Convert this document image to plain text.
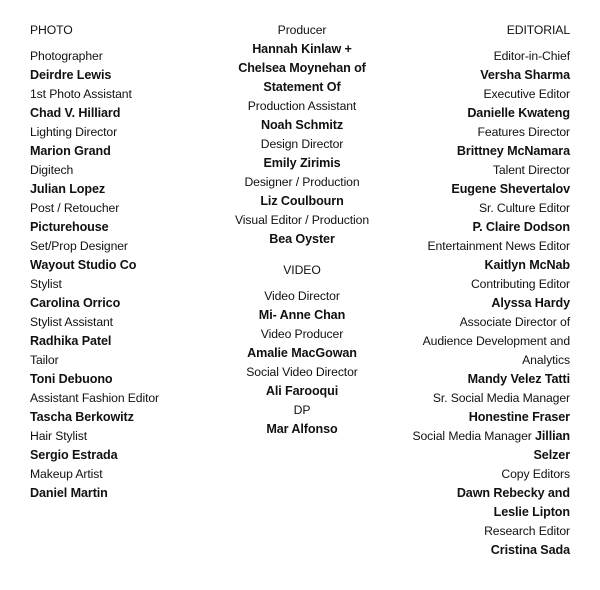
PHOTO
Photographer
Deirdre Lewis
1st Photo Assistant
Chad V. Hilliard
Lighting Director
Marion Grand
Digitech
Julian Lopez
Post / Retoucher
Picturehouse
Set/Prop Designer
Wayout Studio Co
Stylist
Carolina Orrico
Stylist Assistant
Radhika Patel
Tailor
Toni Debuono
Assistant Fashion Editor
Tascha Berkowitz
Hair Stylist
Sergio Estrada
Makeup Artist
Daniel Martin
Producer
Hannah Kinlaw +
Chelsea Moynehan of
Statement Of
Production Assistant
Noah Schmitz
Design Director
Emily Zirimis
Designer / Production
Liz Coulbourn
Visual Editor / Production
Bea Oyster
VIDEO
Video Director
Mi- Anne Chan
Video Producer
Amalie MacGowan
Social Video Director
Ali Farooqui
DP
Mar Alfonso
EDITORIAL
Editor-in-Chief
Versha Sharma
Executive Editor
Danielle Kwateng
Features Director
Brittney McNamara
Talent Director
Eugene Shevertalov
Sr. Culture Editor
P. Claire Dodson
Entertainment News Editor
Kaitlyn McNab
Contributing Editor
Alyssa Hardy
Associate Director of
Audience Development and
Analytics
Mandy Velez Tatti
Sr. Social Media Manager
Honestine Fraser
Social Media Manager Jillian
Selzer
Copy Editors
Dawn Rebecky and
Leslie Lipton
Research Editor
Cristina Sada
